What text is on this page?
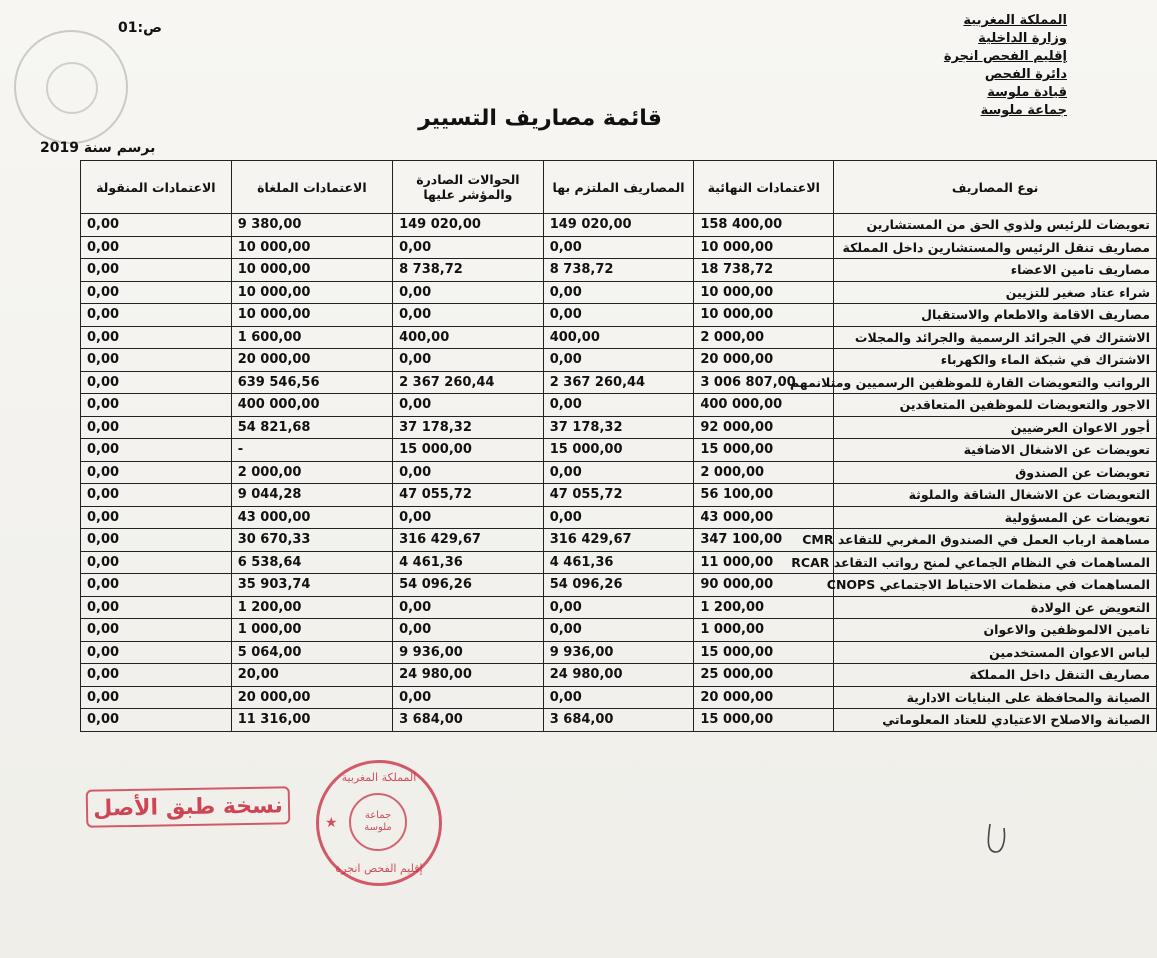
ص:01	المملكة المغربية
وزارة الداخلية
إقليم الفحص انجرة
دائرة الفحص
قيادة ملوسة
جماعة ملوسة
قائمة مصاريف التسيير
برسم سنة 2019
نوع المصاريف	الاعتمادات النهائية	المصاريف الملتزم بها	الحوالات الصادرة والمؤشر عليها	الاعتمادات الملغاة	الاعتمادات المنقولة
تعويضات للرئيس ولذوي الحق من المستشارين	158 400,00	149 020,00	149 020,00	9 380,00	0,00
مصاريف تنقل الرئيس والمستشارين داخل المملكة	10 000,00	0,00	0,00	10 000,00	0,00
مصاريف تامين الاعضاء	18 738,72	8 738,72	8 738,72	10 000,00	0,00
شراء عتاد صغير للتزيين	10 000,00	0,00	0,00	10 000,00	0,00
مصاريف الاقامة والاطعام والاستقبال	10 000,00	0,00	0,00	10 000,00	0,00
الاشتراك في الجرائد الرسمية والجرائد والمجلات	2 000,00	400,00	400,00	1 600,00	0,00
الاشتراك في شبكة الماء والكهرباء	20 000,00	0,00	0,00	20 000,00	0,00
الرواتب والتعويضات القارة للموظفين الرسميين ومتلانمهم	3 006 807,00	2 367 260,44	2 367 260,44	639 546,56	0,00
الاجور والتعويضات للموظفين المتعاقدين	400 000,00	0,00	0,00	400 000,00	0,00
أجور الاعوان العرضيين	92 000,00	37 178,32	37 178,32	54 821,68	0,00
تعويضات عن الاشغال الاضافية	15 000,00	15 000,00	15 000,00	-	0,00
تعويضات عن الصندوق	2 000,00	0,00	0,00	2 000,00	0,00
التعويضات عن الاشغال الشاقة والملوثة	56 100,00	47 055,72	47 055,72	9 044,28	0,00
تعويضات عن المسؤولية	43 000,00	0,00	0,00	43 000,00	0,00
مساهمة ارباب العمل في الصندوق المغربي للتقاعد CMR	347 100,00	316 429,67	316 429,67	30 670,33	0,00
المساهمات في النظام الجماعي لمنح رواتب التقاعد RCAR	11 000,00	4 461,36	4 461,36	6 538,64	0,00
المساهمات في منظمات الاحتياط الاجتماعي CNOPS	90 000,00	54 096,26	54 096,26	35 903,74	0,00
التعويض عن الولادة	1 200,00	0,00	0,00	1 200,00	0,00
تامين الالموظفين والاعوان	1 000,00	0,00	0,00	1 000,00	0,00
لباس الاعوان المستخدمين	15 000,00	9 936,00	9 936,00	5 064,00	0,00
مصاريف التنقل داخل المملكة	25 000,00	24 980,00	24 980,00	20,00	0,00
الصيانة والمحافظة على البنايات الادارية	20 000,00	0,00	0,00	20 000,00	0,00
الصيانة والاصلاح الاعتيادي للعتاد المعلوماتي	15 000,00	3 684,00	3 684,00	11 316,00	0,00
نسخة طبق الأصل
المملكة المغربية
★	جماعة ملوسة
إقليم الفحص انجرة
